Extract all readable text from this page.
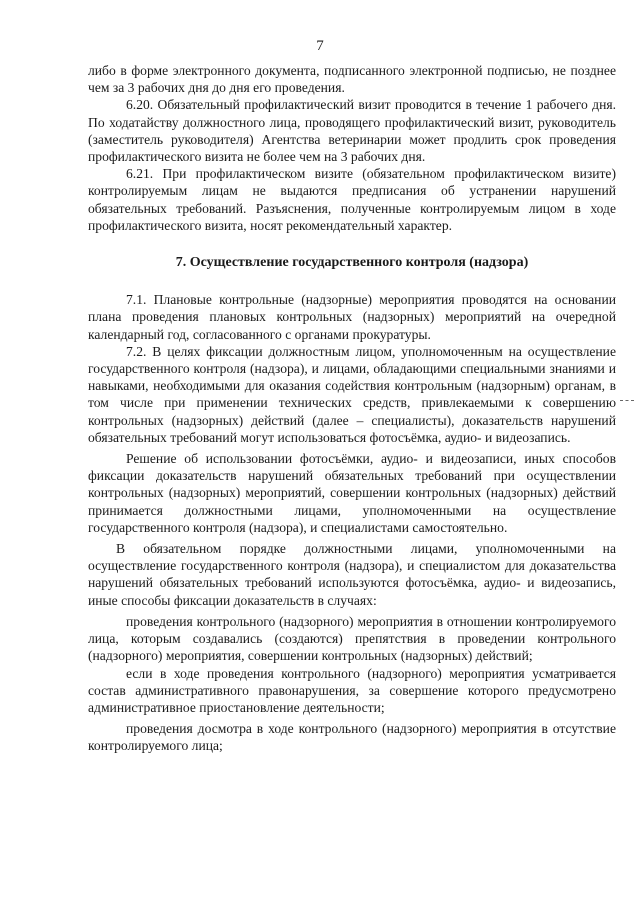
7

либо в форме электронного документа, подписанного электронной подписью, не позднее чем за 3 рабочих дня до дня его проведения.

6.20. Обязательный профилактический визит проводится в течение 1 рабочего дня. По ходатайству должностного лица, проводящего профилактический визит, руководитель (заместитель руководителя) Агентства ветеринарии может продлить срок проведения профилактического визита не более чем на 3 рабочих дня.

6.21. При профилактическом визите (обязательном профилактическом визите) контролируемым лицам не выдаются предписания об устранении нарушений обязательных требований. Разъяснения, полученные контролируемым лицом в ходе профилактического визита, носят рекомендательный характер.

7. Осуществление государственного контроля (надзора)

7.1. Плановые контрольные (надзорные) мероприятия проводятся на основании плана проведения плановых контрольных (надзорных) мероприятий на очередной календарный год, согласованного с органами прокуратуры.

7.2. В целях фиксации должностным лицом, уполномоченным на осуществление государственного контроля (надзора), и лицами, обладающими специальными знаниями и навыками, необходимыми для оказания содействия контрольным (надзорным) органам, в том числе при применении технических средств, привлекаемыми к совершению контрольных (надзорных) действий (далее – специалисты), доказательств нарушений обязательных требований могут использоваться фотосъёмка, аудио- и видеозапись.

Решение об использовании фотосъёмки, аудио- и видеозаписи, иных способов фиксации доказательств нарушений обязательных требований при осуществлении контрольных (надзорных) мероприятий, совершении контрольных (надзорных) действий принимается должностными лицами, уполномоченными на осуществление государственного контроля (надзора), и специалистами самостоятельно.

В обязательном порядке должностными лицами, уполномоченными на осуществление государственного контроля (надзора), и специалистом для доказательства нарушений обязательных требований используются фотосъёмка, аудио- и видеозапись, иные способы фиксации доказательств в случаях:

проведения контрольного (надзорного) мероприятия в отношении контролируемого лица, которым создавались (создаются) препятствия в проведении контрольного (надзорного) мероприятия, совершении контрольных (надзорных) действий;

если в ходе проведения контрольного (надзорного) мероприятия усматривается состав административного правонарушения, за совершение которого предусмотрено административное приостановление деятельности;

проведения досмотра в ходе контрольного (надзорного) мероприятия в отсутствие контролируемого лица;
